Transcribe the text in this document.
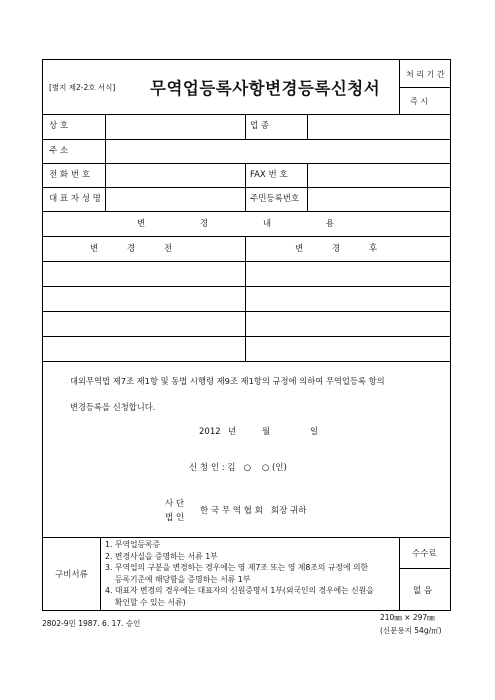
[별지 제2-2호 서식] 무역업등록사항변경등록신청서
처 리 기 간
즉 시
상 호	업 종
주 소
전 화 번 호	FAX 번 호
대 표 자 성 명	주민등록번호
변 경 내 용
변 경 전	변 경 후
대외무역법 제7조 제1항 및 동법 시행령 제9조 제1항의 규정에 의하여 무역업등록 항의
변경등록을 신청합니다.
2012 년	월	일
신 청 인 : 김   ○    ○ (인)
사 단
법 인
한 국 무 역 협 회   회장 귀하
구비서류
1. 무역업등록증
2. 변경사실을 증명하는 서류 1부
3. 무역업의 구분을 변경하는 경우에는 영 제7조 또는 영 제8조의 규정에 의한
등록기준에 해당함을 증명하는 서류 1부
4. 대표자 변경의 경우에는 대표자의 신원증명서 1부(외국인의 경우에는 신원을
확인할 수 있는 서류)
수수료
없 음
2802-9민 1987. 6. 17. 승인
210㎜ × 297㎜
(신문용지 54g/㎡)
